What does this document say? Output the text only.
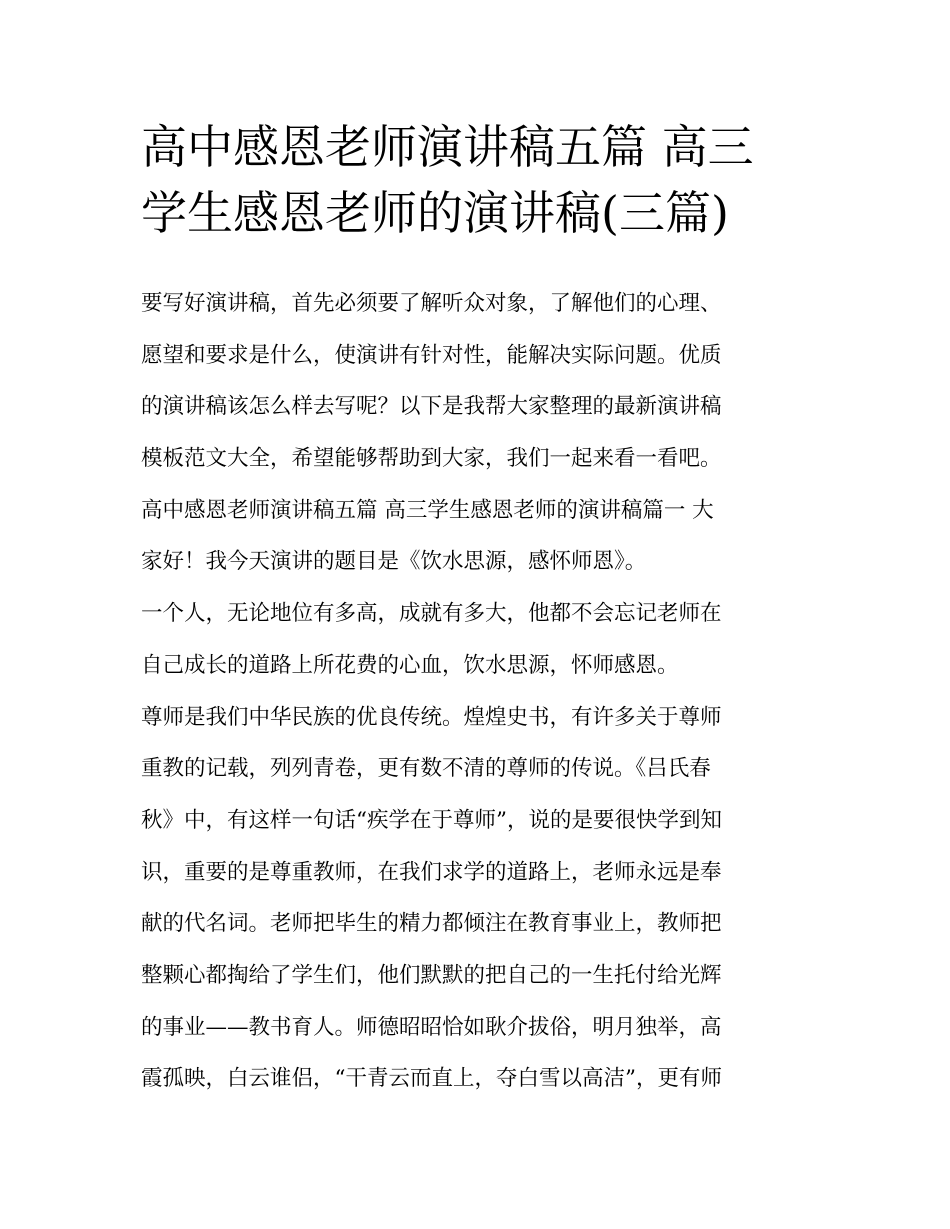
高中感恩老师演讲稿五篇 高三
学生感恩老师的演讲稿(三篇)
要写好演讲稿，首先必须要了解听众对象，了解他们的心理、
愿望和要求是什么，使演讲有针对性，能解决实际问题。优质
的演讲稿该怎么样去写呢？以下是我帮大家整理的最新演讲稿
模板范文大全，希望能够帮助到大家，我们一起来看一看吧。
高中感恩老师演讲稿五篇 高三学生感恩老师的演讲稿篇一 大
家好！我今天演讲的题目是《饮水思源，感怀师恩》。
一个人，无论地位有多高，成就有多大，他都不会忘记老师在
自己成长的道路上所花费的心血，饮水思源，怀师感恩。
尊师是我们中华民族的优良传统。煌煌史书，有许多关于尊师
重教的记载，列列青卷，更有数不清的尊师的传说。《吕氏春
秋》中，有这样一句话“疾学在于尊师”，说的是要很快学到知
识，重要的是尊重教师，在我们求学的道路上，老师永远是奉
献的代名词。老师把毕生的精力都倾注在教育事业上，教师把
整颗心都掏给了学生们，他们默默的把自己的一生托付给光辉
的事业——教书育人。师德昭昭恰如耿介拔俗，明月独举，高
霞孤映，白云谁侣，“干青云而直上，夺白雪以高洁”，更有师
